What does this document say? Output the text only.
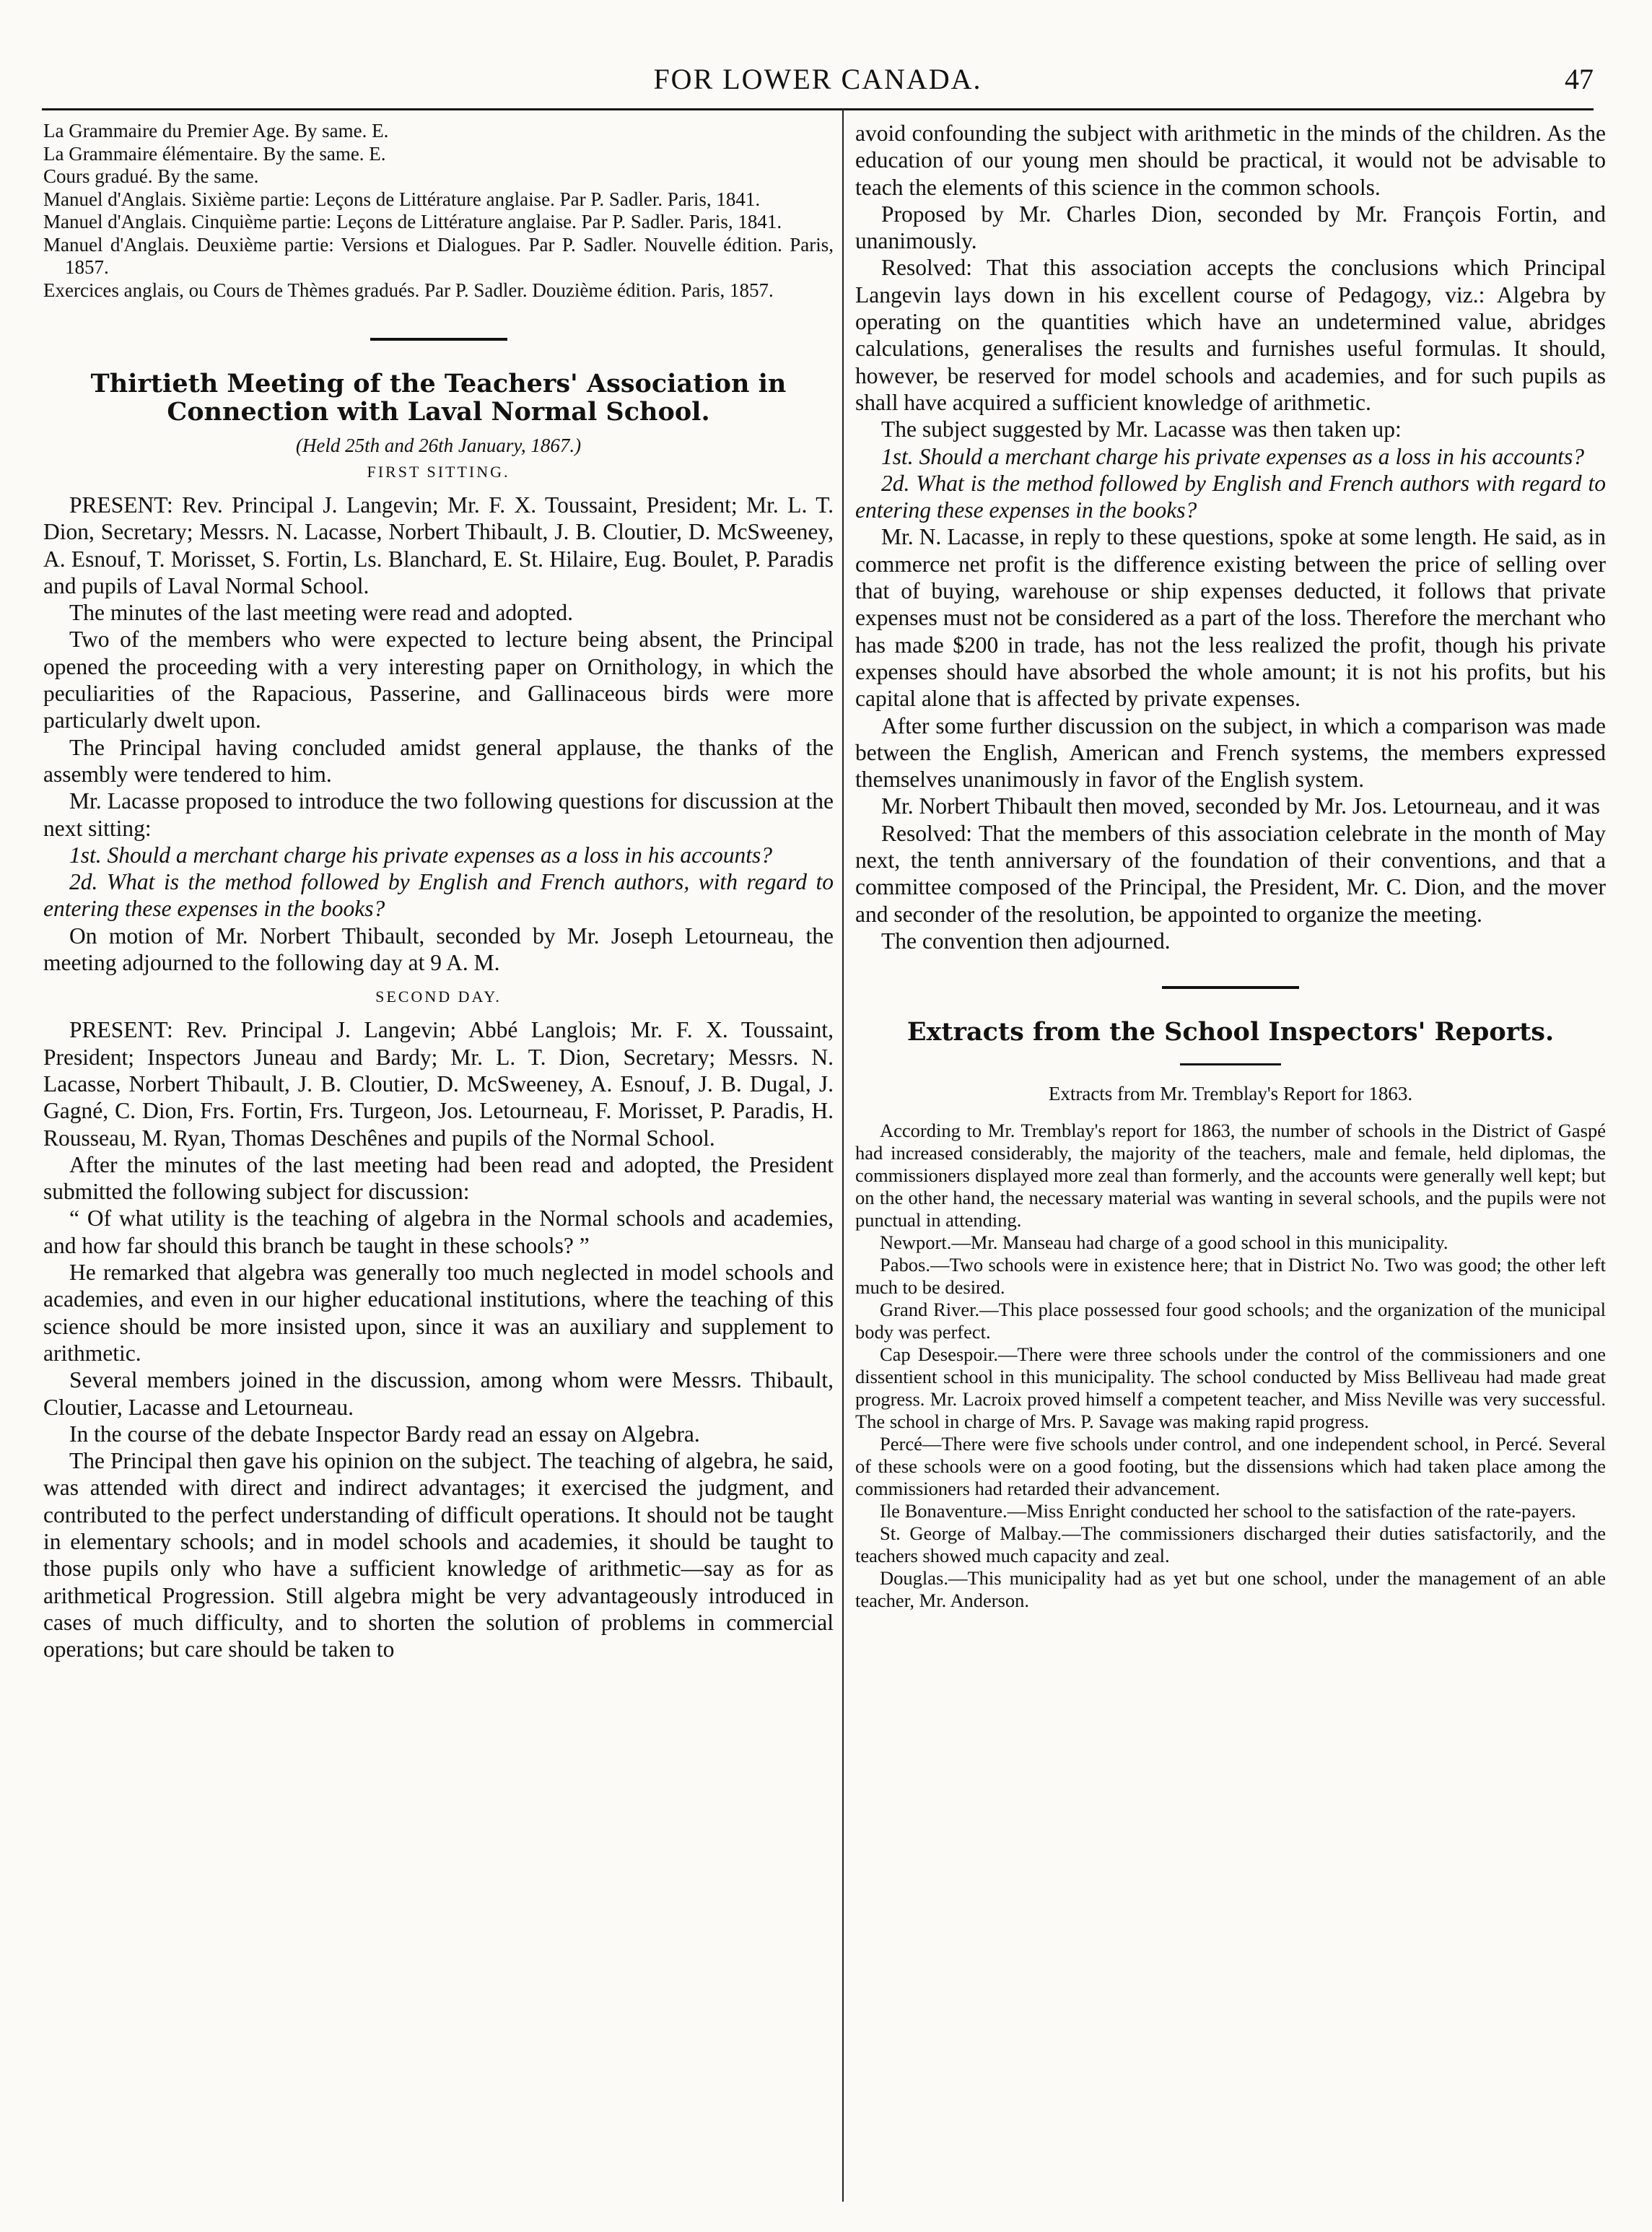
FOR LOWER CANADA.	47

La Grammaire du Premier Age. By same. E.

La Grammaire élémentaire. By the same. E.

Cours gradué. By the same.

Manuel d'Anglais. Sixième partie: Leçons de Littérature anglaise. Par P. Sadler. Paris, 1841.

Manuel d'Anglais. Cinquième partie: Leçons de Littérature anglaise. Par P. Sadler. Paris, 1841.

Manuel d'Anglais. Deuxième partie: Versions et Dialogues. Par P. Sadler. Nouvelle édition. Paris, 1857.

Exercices anglais, ou Cours de Thèmes gradués. Par P. Sadler. Douzième édition. Paris, 1857.

Thirtieth Meeting of the Teachers' Association in Connection with Laval Normal School.
(Held 25th and 26th January, 1867.)
FIRST SITTING.

PRESENT: Rev. Principal J. Langevin; Mr. F. X. Toussaint, President; Mr. L. T. Dion, Secretary; Messrs. N. Lacasse, Norbert Thibault, J. B. Cloutier, D. McSweeney, A. Esnouf, T. Morisset, S. Fortin, Ls. Blanchard, E. St. Hilaire, Eug. Boulet, P. Paradis and pupils of Laval Normal School.

The minutes of the last meeting were read and adopted.

Two of the members who were expected to lecture being absent, the Principal opened the proceeding with a very interesting paper on Ornithology, in which the peculiarities of the Rapacious, Passerine, and Gallinaceous birds were more particularly dwelt upon.

The Principal having concluded amidst general applause, the thanks of the assembly were tendered to him.

Mr. Lacasse proposed to introduce the two following questions for discussion at the next sitting:

1st. Should a merchant charge his private expenses as a loss in his accounts?

2d. What is the method followed by English and French authors, with regard to entering these expenses in the books?

On motion of Mr. Norbert Thibault, seconded by Mr. Joseph Letourneau, the meeting adjourned to the following day at 9 A. M.

SECOND DAY.

PRESENT: Rev. Principal J. Langevin; Abbé Langlois; Mr. F. X. Toussaint, President; Inspectors Juneau and Bardy; Mr. L. T. Dion, Secretary; Messrs. N. Lacasse, Norbert Thibault, J. B. Cloutier, D. McSweeney, A. Esnouf, J. B. Dugal, J. Gagné, C. Dion, Frs. Fortin, Frs. Turgeon, Jos. Letourneau, F. Morisset, P. Paradis, H. Rousseau, M. Ryan, Thomas Deschênes and pupils of the Normal School.

After the minutes of the last meeting had been read and adopted, the President submitted the following subject for discussion:

“ Of what utility is the teaching of algebra in the Normal schools and academies, and how far should this branch be taught in these schools? ”

He remarked that algebra was generally too much neglected in model schools and academies, and even in our higher educational institutions, where the teaching of this science should be more insisted upon, since it was an auxiliary and supplement to arithmetic.

Several members joined in the discussion, among whom were Messrs. Thibault, Cloutier, Lacasse and Letourneau.

In the course of the debate Inspector Bardy read an essay on Algebra.

The Principal then gave his opinion on the subject. The teaching of algebra, he said, was attended with direct and indirect advantages; it exercised the judgment, and contributed to the perfect understanding of difficult operations. It should not be taught in elementary schools; and in model schools and academies, it should be taught to those pupils only who have a sufficient knowledge of arithmetic—say as for as arithmetical Progression. Still algebra might be very advantageously introduced in cases of much difficulty, and to shorten the solution of problems in commercial operations; but care should be taken to

avoid confounding the subject with arithmetic in the minds of the children. As the education of our young men should be practical, it would not be advisable to teach the elements of this science in the common schools.

Proposed by Mr. Charles Dion, seconded by Mr. François Fortin, and unanimously.

Resolved: That this association accepts the conclusions which Principal Langevin lays down in his excellent course of Pedagogy, viz.: Algebra by operating on the quantities which have an undetermined value, abridges calculations, generalises the results and furnishes useful formulas. It should, however, be reserved for model schools and academies, and for such pupils as shall have acquired a sufficient knowledge of arithmetic.

The subject suggested by Mr. Lacasse was then taken up:

1st. Should a merchant charge his private expenses as a loss in his accounts?

2d. What is the method followed by English and French authors with regard to entering these expenses in the books?

Mr. N. Lacasse, in reply to these questions, spoke at some length. He said, as in commerce net profit is the difference existing between the price of selling over that of buying, warehouse or ship expenses deducted, it follows that private expenses must not be considered as a part of the loss. Therefore the merchant who has made $200 in trade, has not the less realized the profit, though his private expenses should have absorbed the whole amount; it is not his profits, but his capital alone that is affected by private expenses.

After some further discussion on the subject, in which a comparison was made between the English, American and French systems, the members expressed themselves unanimously in favor of the English system.

Mr. Norbert Thibault then moved, seconded by Mr. Jos. Letourneau, and it was

Resolved: That the members of this association celebrate in the month of May next, the tenth anniversary of the foundation of their conventions, and that a committee composed of the Principal, the President, Mr. C. Dion, and the mover and seconder of the resolution, be appointed to organize the meeting.

The convention then adjourned.

Extracts from the School Inspectors' Reports.
Extracts from Mr. Tremblay's Report for 1863.

According to Mr. Tremblay's report for 1863, the number of schools in the District of Gaspé had increased considerably, the majority of the teachers, male and female, held diplomas, the commissioners displayed more zeal than formerly, and the accounts were generally well kept; but on the other hand, the necessary material was wanting in several schools, and the pupils were not punctual in attending.

Newport.—Mr. Manseau had charge of a good school in this municipality.

Pabos.—Two schools were in existence here; that in District No. Two was good; the other left much to be desired.

Grand River.—This place possessed four good schools; and the organization of the municipal body was perfect.

Cap Desespoir.—There were three schools under the control of the commissioners and one dissentient school in this municipality. The school conducted by Miss Belliveau had made great progress. Mr. Lacroix proved himself a competent teacher, and Miss Neville was very successful. The school in charge of Mrs. P. Savage was making rapid progress.

Percé—There were five schools under control, and one independent school, in Percé. Several of these schools were on a good footing, but the dissensions which had taken place among the commissioners had retarded their advancement.

Ile Bonaventure.—Miss Enright conducted her school to the satisfaction of the rate-payers.

St. George of Malbay.—The commissioners discharged their duties satisfactorily, and the teachers showed much capacity and zeal.

Douglas.—This municipality had as yet but one school, under the management of an able teacher, Mr. Anderson.
